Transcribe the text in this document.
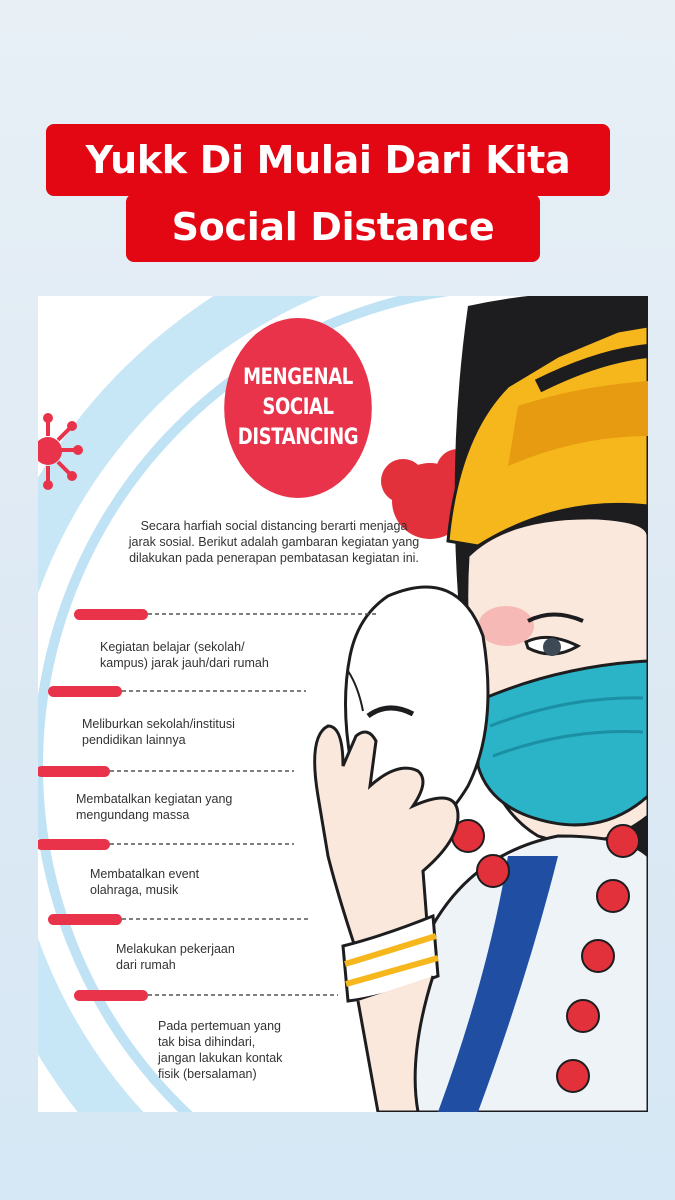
Yukk Di Mulai Dari Kita
Social Distance
MENGENAL
SOCIAL
DISTANCING
Secara harfiah social distancing berarti menjaga jarak sosial. Berikut adalah gambaran kegiatan yang dilakukan pada penerapan pembatasan kegiatan ini.
Kegiatan belajar (sekolah/
kampus) jarak jauh/dari rumah
Meliburkan sekolah/institusi
pendidikan lainnya
Membatalkan kegiatan yang
mengundang massa
Membatalkan event
olahraga, musik
Melakukan pekerjaan
dari rumah
Pada pertemuan yang
tak bisa dihindari,
jangan lakukan kontak
fisik (bersalaman)
